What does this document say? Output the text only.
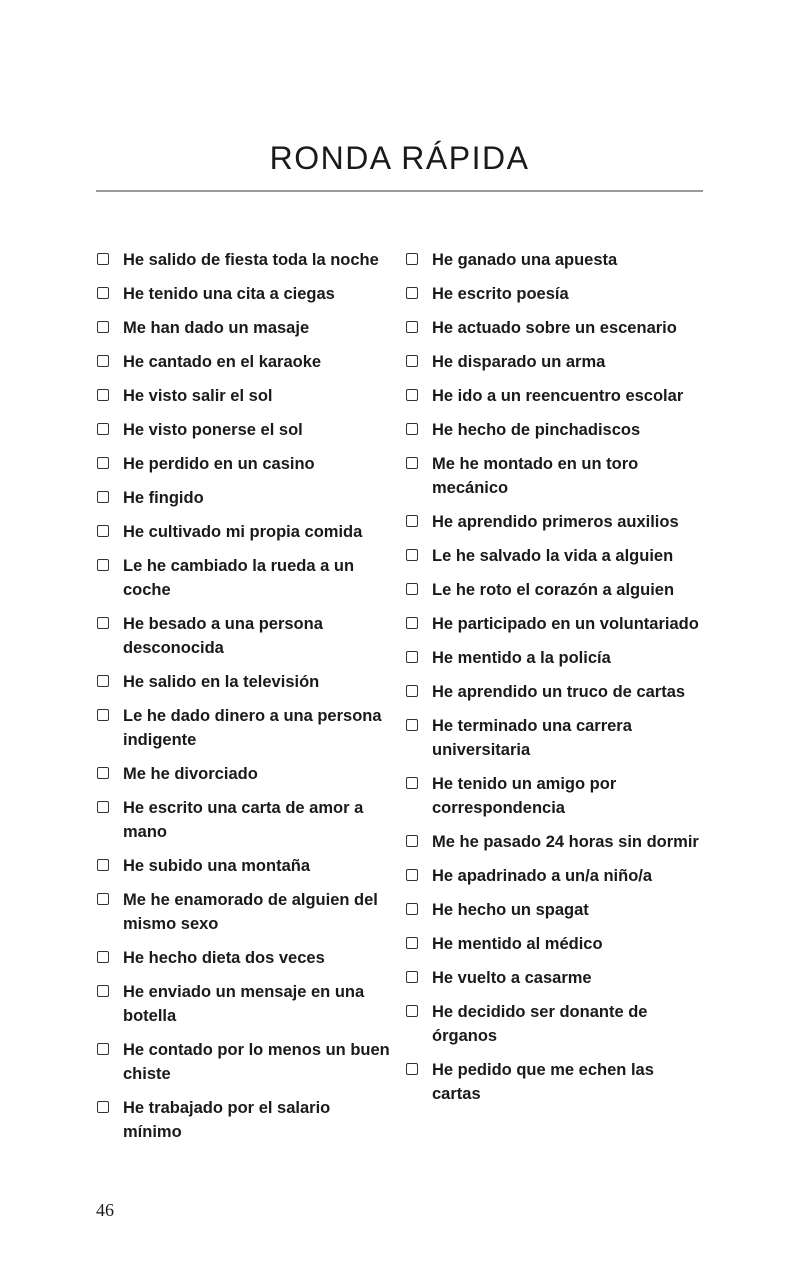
RONDA RÁPIDA
He salido de fiesta toda la noche
He tenido una cita a ciegas
Me han dado un masaje
He cantado en el karaoke
He visto salir el sol
He visto ponerse el sol
He perdido en un casino
He fingido
He cultivado mi propia comida
Le he cambiado la rueda a un coche
He besado a una persona desconocida
He salido en la televisión
Le he dado dinero a una persona indigente
Me he divorciado
He escrito una carta de amor a mano
He subido una montaña
Me he enamorado de alguien del mismo sexo
He hecho dieta dos veces
He enviado un mensaje en una botella
He contado por lo menos un buen chiste
He trabajado por el salario mínimo
He ganado una apuesta
He escrito poesía
He actuado sobre un escenario
He disparado un arma
He ido a un reencuentro escolar
He hecho de pinchadiscos
Me he montado en un toro mecánico
He aprendido primeros auxilios
Le he salvado la vida a alguien
Le he roto el corazón a alguien
He participado en un voluntariado
He mentido a la policía
He aprendido un truco de cartas
He terminado una carrera universitaria
He tenido un amigo por correspondencia
Me he pasado 24 horas sin dormir
He apadrinado a un/a niño/a
He hecho un spagat
He mentido al médico
He vuelto a casarme
He decidido ser donante de órganos
He pedido que me echen las cartas
46
